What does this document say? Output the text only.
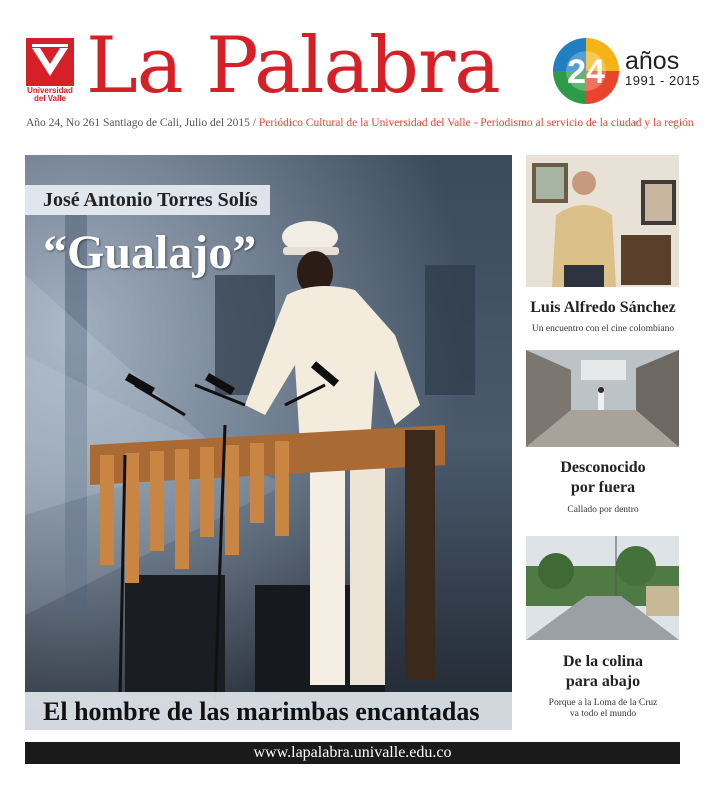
Universidad del Valle La Palabra 24 años
1991 - 2015
Año 24, No 261 Santiago de Cali, Julio del 2015 / Periódico Cultural de la Universidad del Valle - Periodismo al servicio de la ciudad y la región
José Antonio Torres Solís
“Gualajo”
El hombre de las marimbas encantadas
Luis Alfredo Sánchez
Un encuentro con el cine colombiano
Desconocido
por fuera
Callado por dentro
De la colina
para abajo
Porque a la Loma de la Cruz
va todo el mundo
www.lapalabra.univalle.edu.co
